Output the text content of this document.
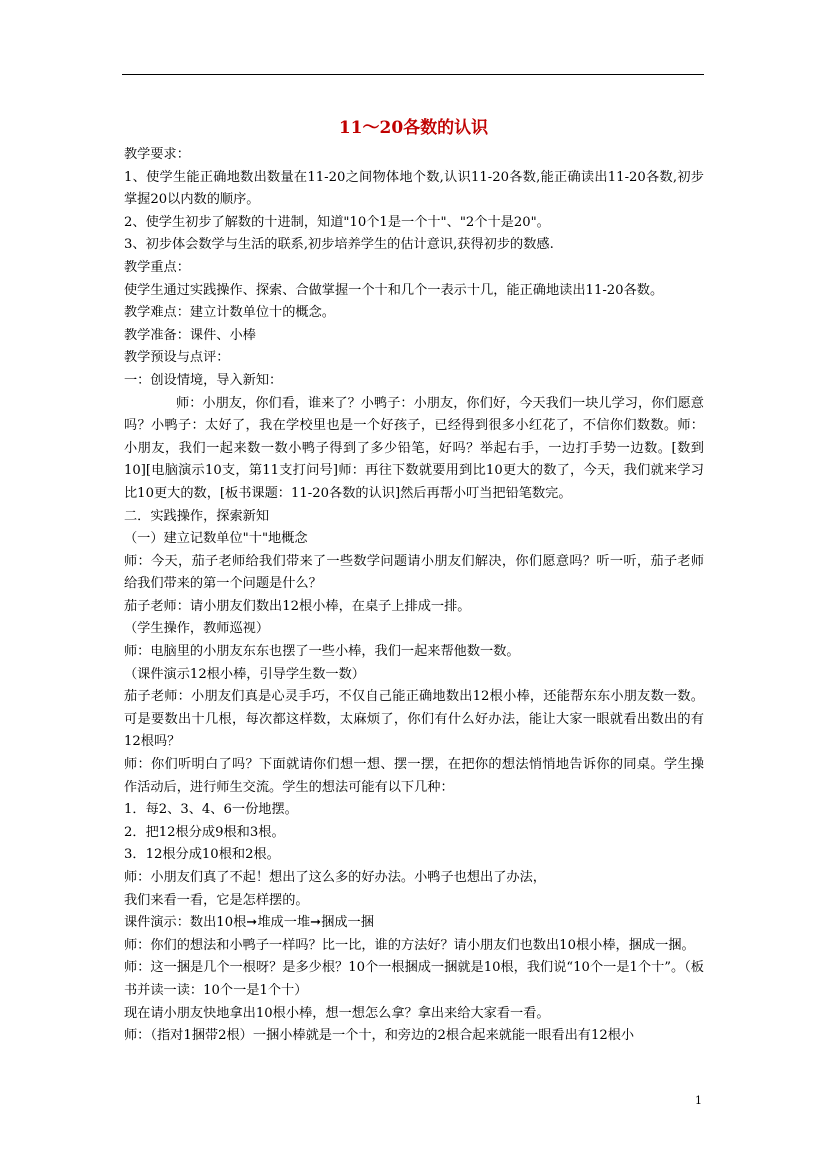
11～20各数的认识

教学要求：

1、使学生能正确地数出数量在11-20之间物体地个数,认识11-20各数,能正确读出11-20各数,初步掌握20以内数的顺序。

2、使学生初步了解数的十进制，知道"10个1是一个十"、"2个十是20"。

3、初步体会数学与生活的联系,初步培养学生的估计意识,获得初步的数感.

教学重点：

使学生通过实践操作、探索、合做掌握一个十和几个一表示十几，能正确地读出11-20各数。

教学难点：建立计数单位十的概念。

教学准备：课件、小棒

教学预设与点评：

一：创设情境，导入新知：

师：小朋友，你们看，谁来了？小鸭子：小朋友，你们好，今天我们一块儿学习，你们愿意吗？小鸭子：太好了，我在学校里也是一个好孩子，已经得到很多小红花了，不信你们数数。师：小朋友，我们一起来数一数小鸭子得到了多少铅笔，好吗？举起右手，一边打手势一边数。[数到10][电脑演示10支，第11支打问号]师：再往下数就要用到比10更大的数了，今天，我们就来学习比10更大的数，[板书课题：11-20各数的认识]然后再帮小叮当把铅笔数完。

二．实践操作，探索新知

（一）建立记数单位"十"地概念

师：今天，茄子老师给我们带来了一些数学问题请小朋友们解决，你们愿意吗？听一听，茄子老师给我们带来的第一个问题是什么？

茄子老师：请小朋友们数出12根小棒，在桌子上排成一排。

（学生操作，教师巡视）

师：电脑里的小朋友东东也摆了一些小棒，我们一起来帮他数一数。

（课件演示12根小棒，引导学生数一数）

茄子老师：小朋友们真是心灵手巧，不仅自己能正确地数出12根小棒，还能帮东东小朋友数一数。可是要数出十几根，每次都这样数，太麻烦了，你们有什么好办法，能让大家一眼就看出数出的有12根吗？

师：你们听明白了吗？下面就请你们想一想、摆一摆，在把你的想法悄悄地告诉你的同桌。学生操作活动后，进行师生交流。学生的想法可能有以下几种：

1．每2、3、4、6一份地摆。

2．把12根分成9根和3根。

3．12根分成10根和2根。

师：小朋友们真了不起！想出了这么多的好办法。小鸭子也想出了办法，

我们来看一看，它是怎样摆的。

课件演示：数出10根➞堆成一堆➞捆成一捆

师：你们的想法和小鸭子一样吗？比一比，谁的方法好？请小朋友们也数出10根小棒，捆成一捆。

师：这一捆是几个一根呀？是多少根？10个一根捆成一捆就是10根，我们说“10个一是1个十”。（板书并读一读：10个一是1个十）

现在请小朋友快地拿出10根小棒，想一想怎么拿？拿出来给大家看一看。

师：（指对1捆带2根）一捆小棒就是一个十，和旁边的2根合起来就能一眼看出有12根小

1
